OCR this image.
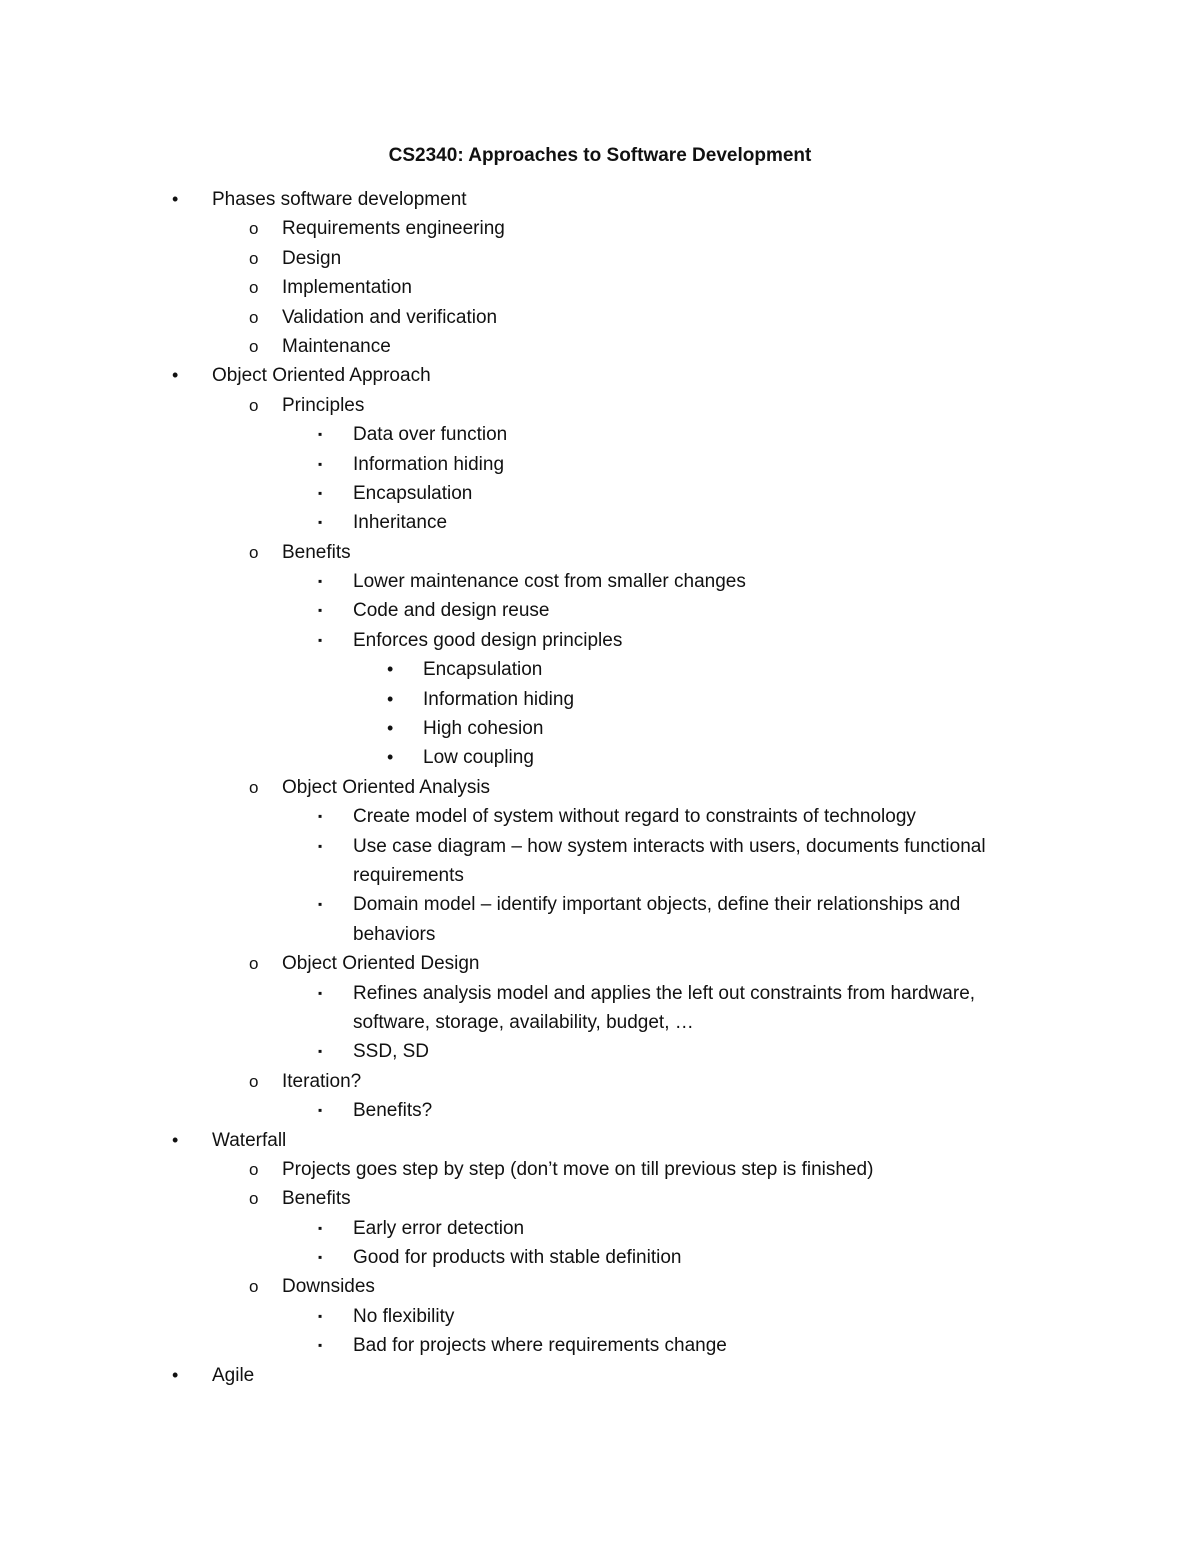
CS2340: Approaches to Software Development
• Phases software development
o Requirements engineering
o Design
o Implementation
o Validation and verification
o Maintenance
• Object Oriented Approach
o Principles
▪ Data over function
▪ Information hiding
▪ Encapsulation
▪ Inheritance
o Benefits
▪ Lower maintenance cost from smaller changes
▪ Code and design reuse
▪ Enforces good design principles
• Encapsulation
• Information hiding
• High cohesion
• Low coupling
o Object Oriented Analysis
▪ Create model of system without regard to constraints of technology
▪ Use case diagram – how system interacts with users, documents functional
requirements
▪ Domain model – identify important objects, define their relationships and
behaviors
o Object Oriented Design
▪ Refines analysis model and applies the left out constraints from hardware,
software, storage, availability, budget, …
▪ SSD, SD
o Iteration?
▪ Benefits?
• Waterfall
o Projects goes step by step (don’t move on till previous step is finished)
o Benefits
▪ Early error detection
▪ Good for products with stable definition
o Downsides
▪ No flexibility
▪ Bad for projects where requirements change
• Agile
